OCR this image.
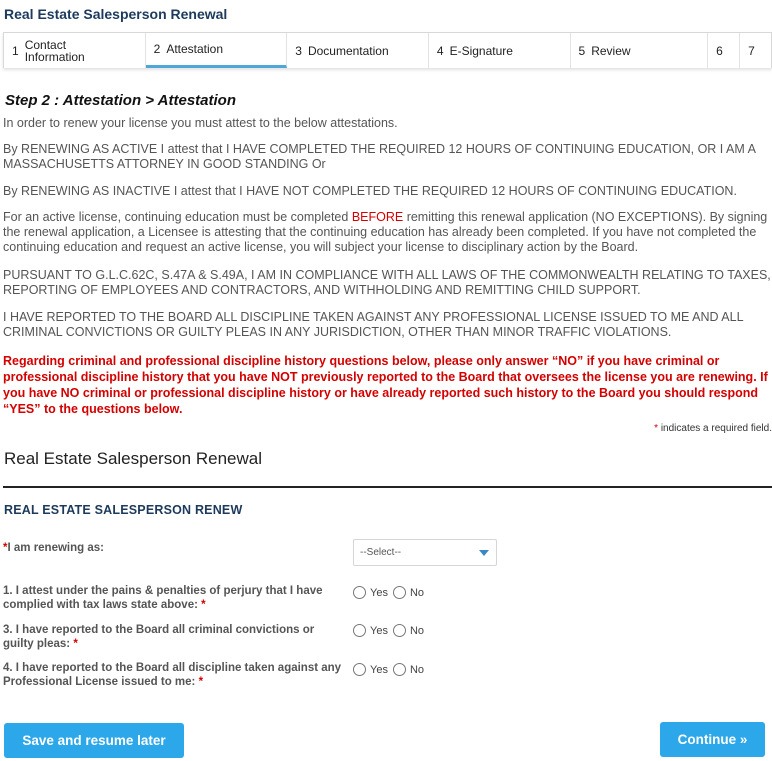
Real Estate Salesperson Renewal
1 Contact Information
2 Attestation	3 Documentation	4 E-Signature	5 Review	6 7
Step 2 : Attestation > Attestation
In order to renew your license you must attest to the below attestations.
By RENEWING AS ACTIVE I attest that I HAVE COMPLETED THE REQUIRED 12 HOURS OF CONTINUING EDUCATION, OR I AM A MASSACHUSETTS ATTORNEY IN GOOD STANDING Or
By RENEWING AS INACTIVE I attest that I HAVE NOT COMPLETED THE REQUIRED 12 HOURS OF CONTINUING EDUCATION.
For an active license, continuing education must be completed BEFORE remitting this renewal application (NO EXCEPTIONS). By signing the renewal application, a Licensee is attesting that the continuing education has already been completed. If you have not completed the continuing education and request an active license, you will subject your license to disciplinary action by the Board.
PURSUANT TO G.L.C.62C, S.47A & S.49A, I AM IN COMPLIANCE WITH ALL LAWS OF THE COMMONWEALTH RELATING TO TAXES, REPORTING OF EMPLOYEES AND CONTRACTORS, AND WITHHOLDING AND REMITTING CHILD SUPPORT.
I HAVE REPORTED TO THE BOARD ALL DISCIPLINE TAKEN AGAINST ANY PROFESSIONAL LICENSE ISSUED TO ME AND ALL CRIMINAL CONVICTIONS OR GUILTY PLEAS IN ANY JURISDICTION, OTHER THAN MINOR TRAFFIC VIOLATIONS.
Regarding criminal and professional discipline history questions below, please only answer “NO” if you have criminal or professional discipline history that you have NOT previously reported to the Board that oversees the license you are renewing. If you have NO criminal or professional discipline history or have already reported such history to the Board you should respond “YES” to the questions below.
* indicates a required field.
Real Estate Salesperson Renewal
REAL ESTATE SALESPERSON RENEW
*I am renewing as:	--Select--
1. I attest under the pains & penalties of perjury that I have complied with tax laws state above: *
Yes No
3. I have reported to the Board all criminal convictions or guilty pleas: *
Yes No
4. I have reported to the Board all discipline taken against any Professional License issued to me: *
Yes No
Save and resume later	Continue »
